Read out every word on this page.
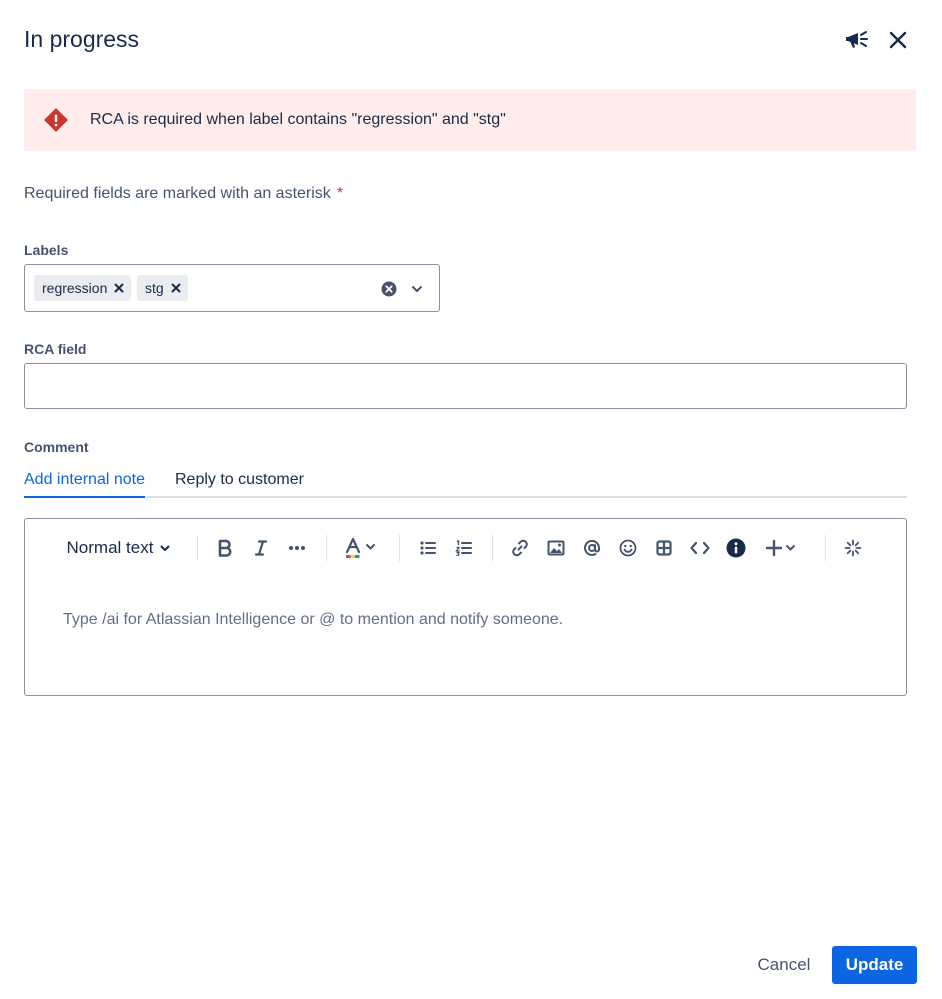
In progress
RCA is required when label contains "regression" and "stg"
Required fields are marked with an asterisk *
Labels
regression	stg
RCA field
Comment
Add internal note Reply to customer
Normal text
Type /ai for Atlassian Intelligence or @ to mention and notify someone.
Cancel	Update
